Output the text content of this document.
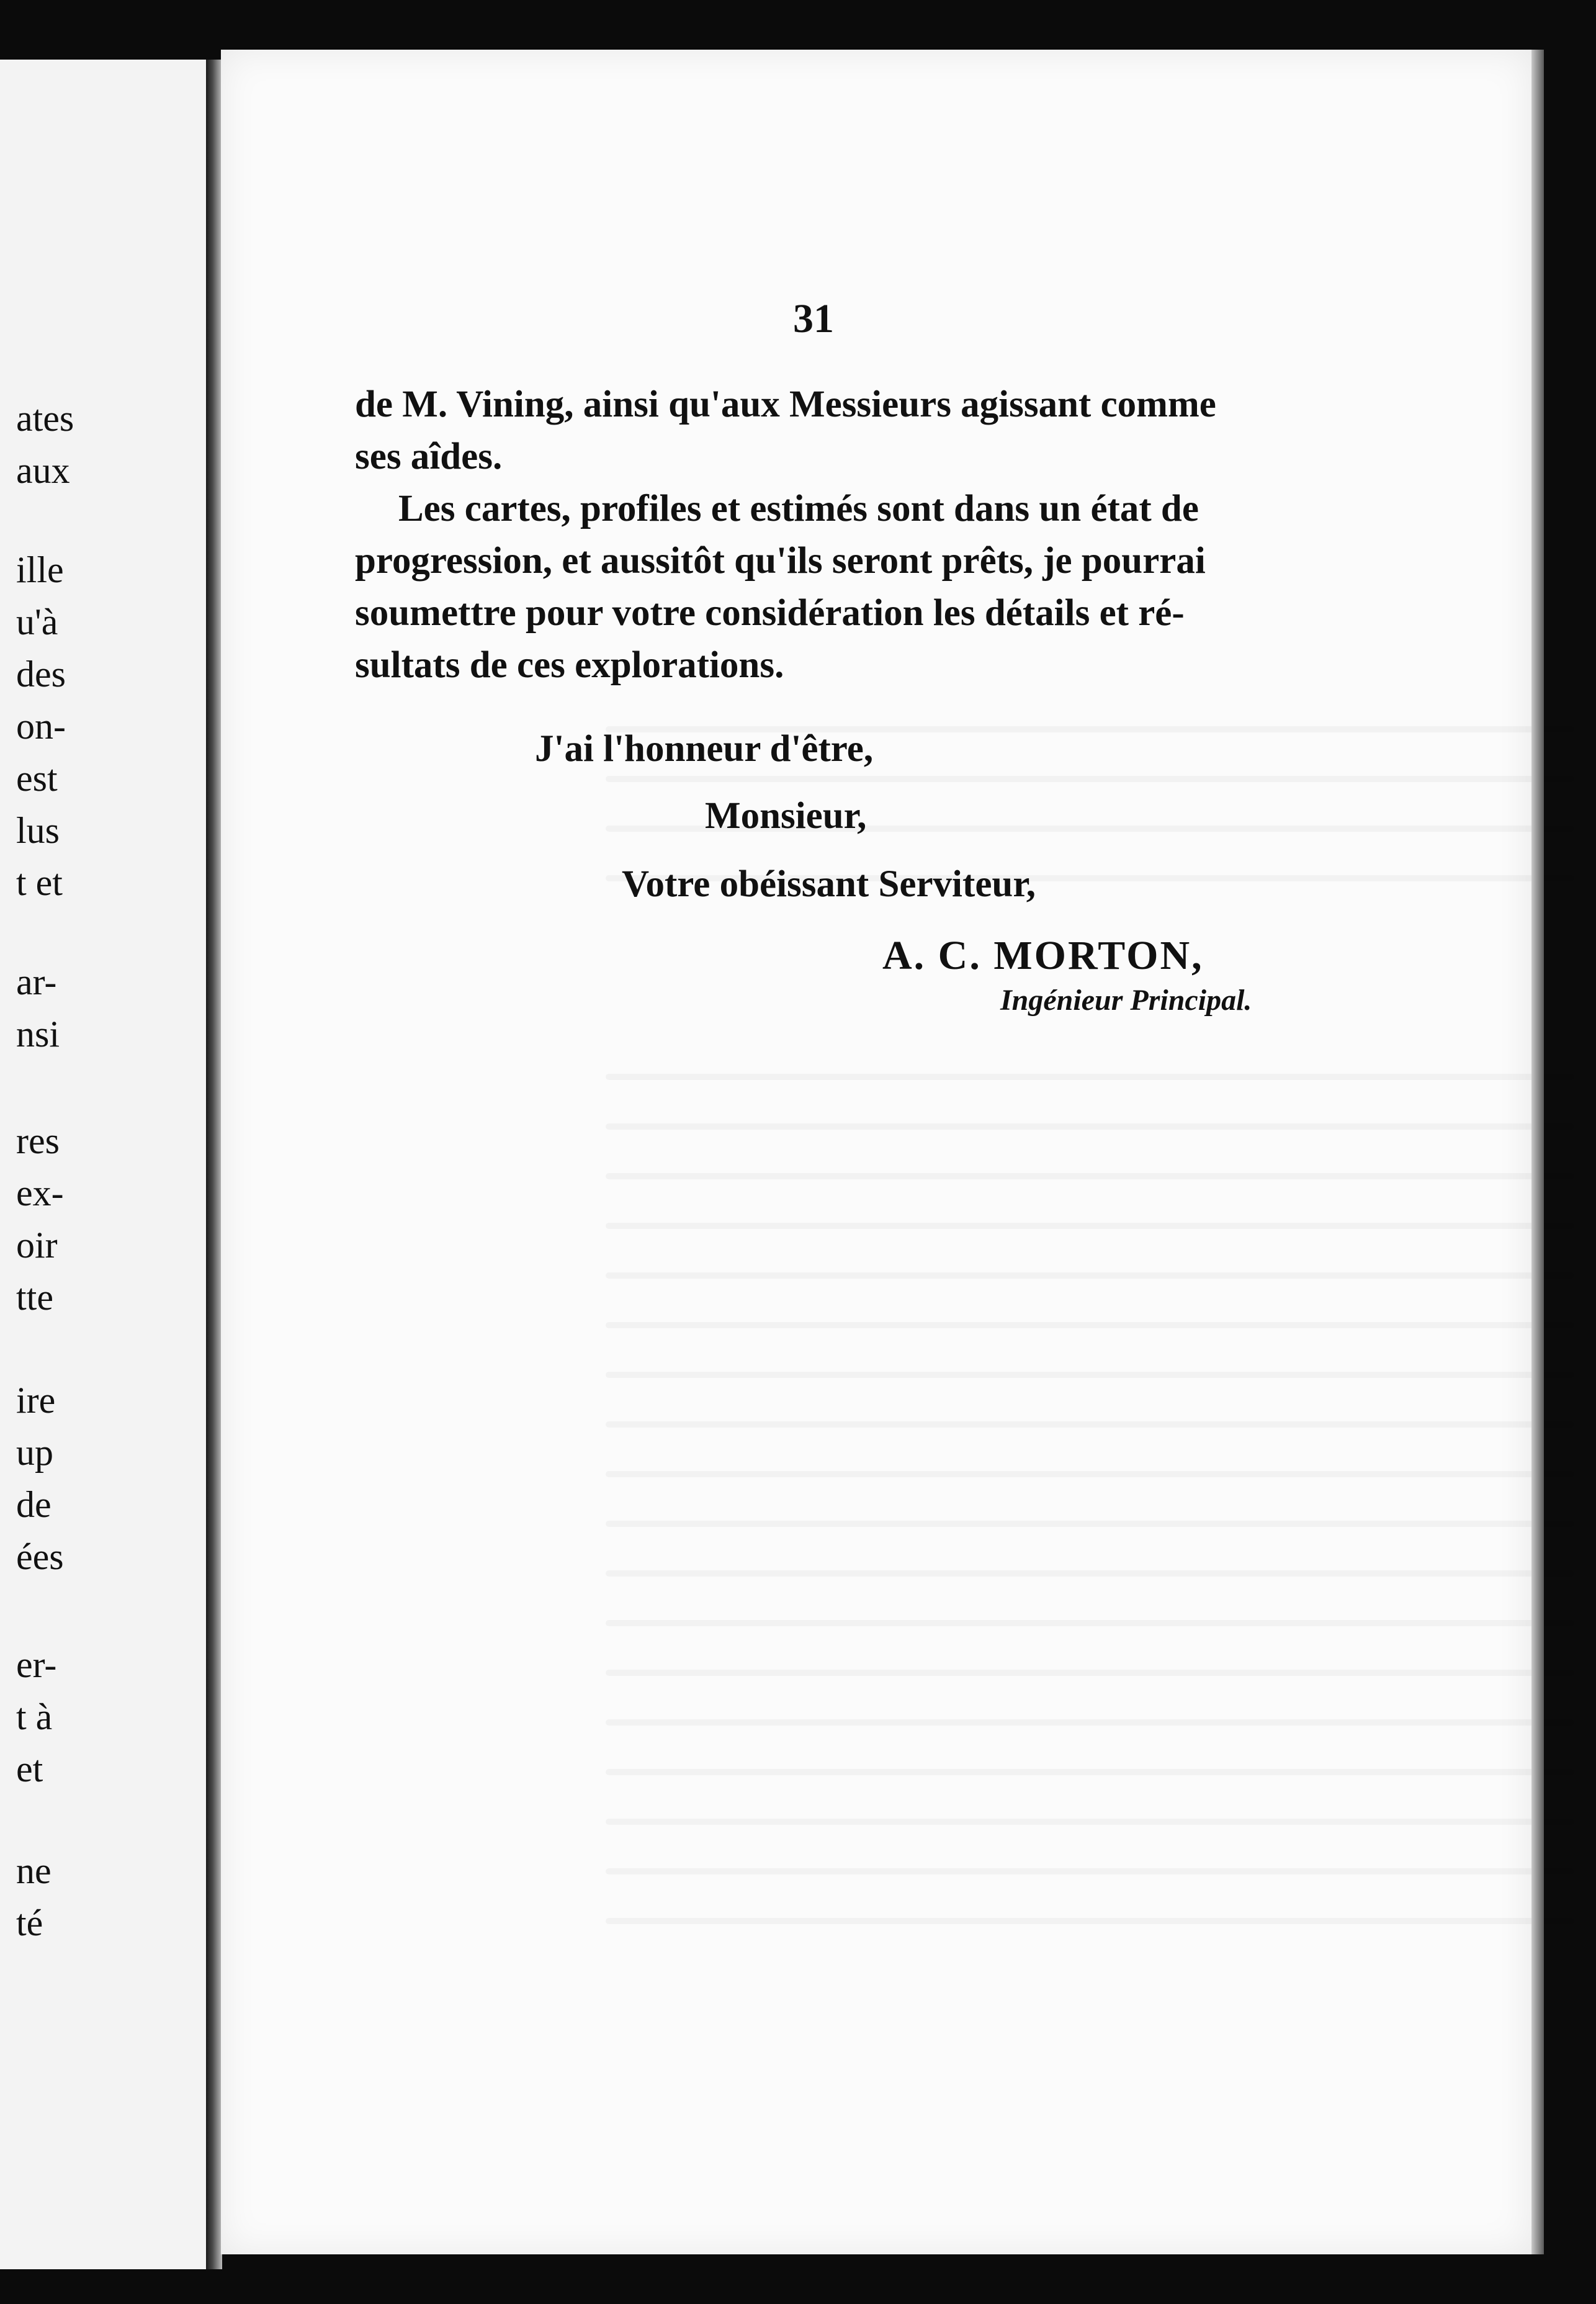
ates
aux
ille
u'à
des
on-
est
lus
t et
ar-
nsi
res
ex-
oir
tte
ire
up
de
ées
er-
t à
et
ne
té
31
de M. Vining, ainsi qu'aux Messieurs agissant comme
ses aîdes.
Les cartes, profiles et estimés sont dans un état de
progression, et aussitôt qu'ils seront prêts, je pourrai
soumettre pour votre considération les détails et ré-
sultats de ces explorations.
J'ai l'honneur d'être,
Monsieur,
Votre obéissant Serviteur,
A. C. MORTON,
Ingénieur Principal.
